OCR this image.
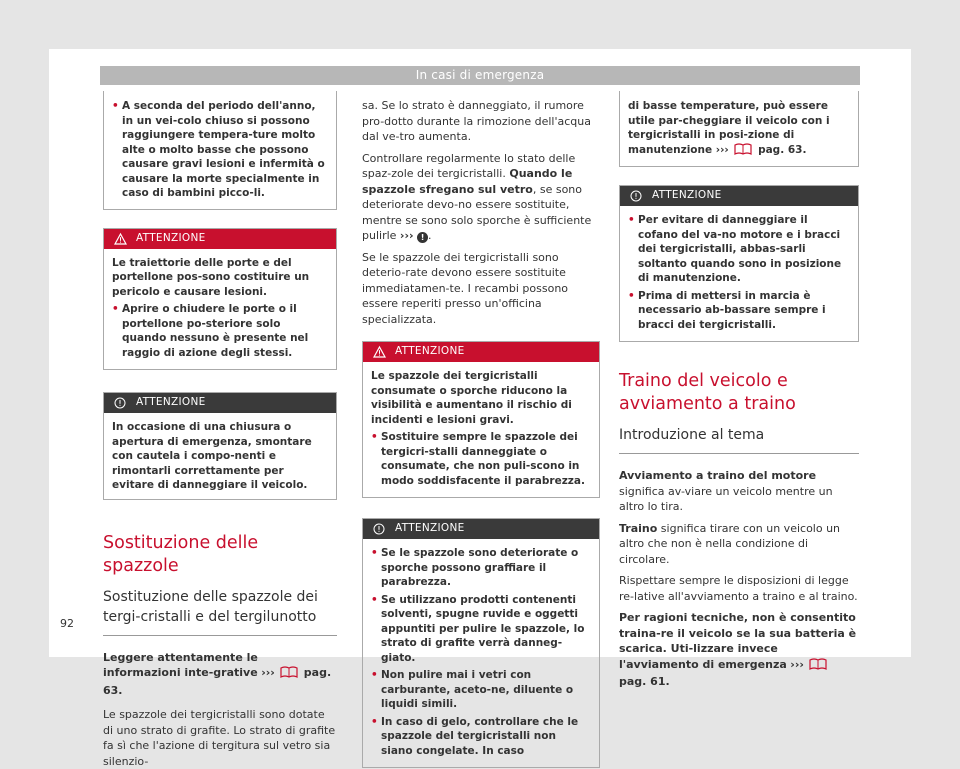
In casi di emergenza
• A seconda del periodo dell'anno, in un vei-colo chiuso si possono raggiungere tempera-ture molto alte o molto basse che possono causare gravi lesioni e infermità o causare la morte specialmente in caso di bambini picco-li.
ATTENZIONE

Le traiettorie delle porte e del portellone pos-sono costituire un pericolo e causare lesioni.

• Aprire o chiudere le porte o il portellone po-steriore solo quando nessuno è presente nel raggio di azione degli stessi.
ATTENZIONE

In occasione di una chiusura o apertura di emergenza, smontare con cautela i compo-nenti e rimontarli correttamente per evitare di danneggiare il veicolo.

Sostituzione delle spazzole
Sostituzione delle spazzole dei tergi-cristalli e del tergilunotto

Leggere attentamente le informazioni inte-grative ›››	pag. 63.

Le spazzole dei tergicristalli sono dotate di uno strato di grafite. Lo strato di grafite fa sì che l'azione di tergitura sul vetro sia silenzio-

sa. Se lo strato è danneggiato, il rumore pro-dotto durante la rimozione dell'acqua dal ve-tro aumenta.

Controllare regolarmente lo stato delle spaz-zole dei tergicristalli. Quando le spazzole sfregano sul vetro, se sono deteriorate devo-no essere sostituite, mentre se sono solo sporche è sufficiente pulirle ››› ! .

Se le spazzole dei tergicristalli sono deterio-rate devono essere sostituite immediatamen-te. I recambi possono essere reperiti presso un'officina specializzata.

ATTENZIONE

Le spazzole dei tergicristalli consumate o sporche riducono la visibilità e aumentano il rischio di incidenti e lesioni gravi.

• Sostituire sempre le spazzole dei tergicri-stalli danneggiate o consumate, che non puli-scono in modo soddisfacente il parabrezza.
ATTENZIONE
• Se le spazzole sono deteriorate o sporche possono graffiare il parabrezza.
• Se utilizzano prodotti contenenti solventi, spugne ruvide e oggetti appuntiti per pulire le spazzole, lo strato di grafite verrà danneg-giato.
• Non pulire mai i vetri con carburante, aceto-ne, diluente o liquidi simili.
• In caso di gelo, controllare che le spazzole del tergicristalli non siano congelate. In caso
di basse temperature, può essere utile par-cheggiare il veicolo con i tergicristalli in posi-zione di manutenzione ›››	pag. 63.
ATTENZIONE
• Per evitare di danneggiare il cofano del va-no motore e i bracci dei tergicristalli, abbas-sarli soltanto quando sono in posizione di manutenzione.
• Prima di mettersi in marcia è necessario ab-bassare sempre i bracci dei tergicristalli.
Traino del veicolo e avviamento a traino
Introduzione al tema

Avviamento a traino del motore significa av-viare un veicolo mentre un altro lo tira.

Traino significa tirare con un veicolo un altro che non è nella condizione di circolare.

Rispettare sempre le disposizioni di legge re-lative all'avviamento a traino e al traino.

Per ragioni tecniche, non è consentito traina-re il veicolo se la sua batteria è scarica. Uti-lizzare invece l'avviamento di emergenza ›››  pag. 61.

92
